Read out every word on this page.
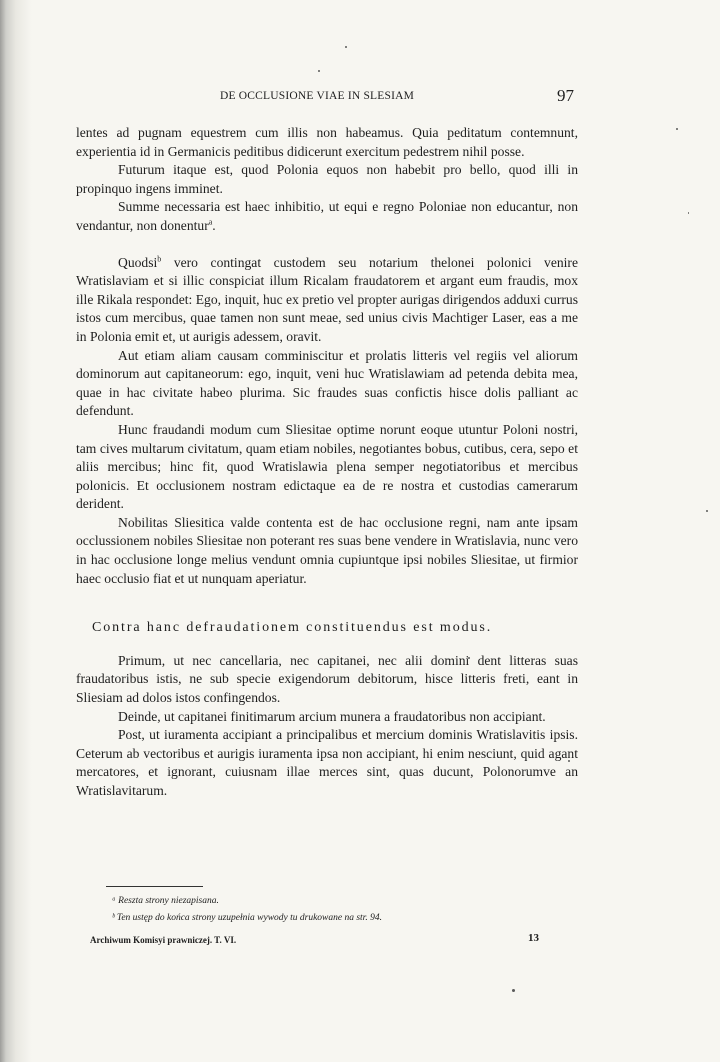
DE OCCLUSIONE VIAE IN SLESIAM	97

lentes ad pugnam equestrem cum illis non habeamus. Quia peditatum contemnunt, experientia id in Germanicis peditibus didicerunt exercitum pedestrem nihil posse.

Futurum itaque est, quod Polonia equos non habebit pro bello, quod illi in propinquo ingens imminet.

Summe necessaria est haec inhibitio, ut equi e regno Poloniae non educantur, non vendantur, non donentur$^a$.

Quodsi$^b$ vero contingat custodem seu notarium thelonei polonici venire Wratislaviam et si illic conspiciat illum Ricalam fraudatorem et argant eum fraudis, mox ille Rikala respondet: Ego, inquit, huc ex pretio vel propter aurigas dirigendos adduxi currus istos cum mercibus, quae tamen non sunt meae, sed unius civis Machtiger Laser, eas a me in Polonia emit et, ut aurigis adessem, oravit.

Aut etiam aliam causam comminiscitur et prolatis litteris vel regiis vel aliorum dominorum aut capitaneorum: ego, inquit, veni huc Wratislawiam ad petenda debita mea, quae in hac civitate habeo plurima. Sic fraudes suas confictis hisce dolis palliant ac defendunt.

Hunc fraudandi modum cum Sliesitae optime norunt eoque utuntur Poloni nostri, tam cives multarum civitatum, quam etiam nobiles, negotiantes bobus, cutibus, cera, sepo et aliis mercibus; hinc fit, quod Wratislawia plena semper negotiatoribus et mercibus polonicis. Et occlusionem nostram edictaque ea de re nostra et custodias camerarum derident.

Nobilitas Sliesitica valde contenta est de hac occlusione regni, nam ante ipsam occlussionem nobiles Sliesitae non poterant res suas bene vendere in Wratislavia, nunc vero in hac occlusione longe melius vendunt omnia cupiuntque ipsi nobiles Sliesitae, ut firmior haec occlusio fiat et ut nunquam aperiatur.

Contra hanc defraudationem constituendus est modus.

Primum, ut nec cancellaria, nec capitanei, nec alii domini dent litteras suas fraudatoribus istis, ne sub specie exigendorum debitorum, hisce litteris freti, eant in Sliesiam ad dolos istos confingendos.

Deinde, ut capitanei finitimarum arcium munera a fraudatoribus non accipiant.

Post, ut iuramenta accipiant a principalibus et mercium dominis Wratislavitis ipsis. Ceterum ab vectoribus et aurigis iuramenta ipsa non accipiant, hi enim nesciunt, quid agant mercatores, et ignorant, cuiusnam illae merces sint, quas ducunt, Polonorumve an Wratislavitarum.

ᵃ Reszta strony niezapisana.
ᵇ Ten ustęp do końca strony uzupełnia wywody tu drukowane na str. 94.
Archiwum Komisyi prawniczej. T. VI.	13
